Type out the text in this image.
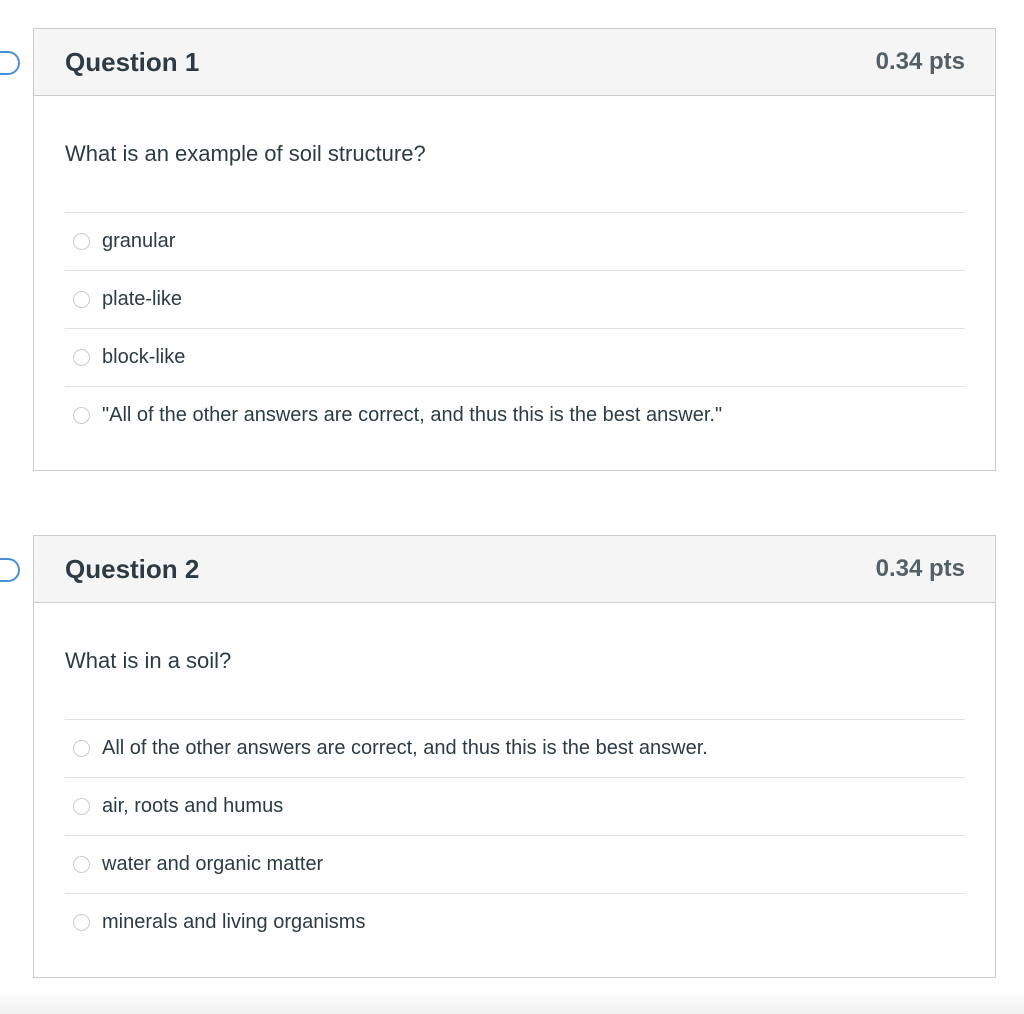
Question 1	0.34 pts
What is an example of soil structure?
granular
plate-like
block-like
"All of the other answers are correct, and thus this is the best answer."
Question 2	0.34 pts
What is in a soil?
All of the other answers are correct, and thus this is the best answer.
air, roots and humus
water and organic matter
minerals and living organisms
